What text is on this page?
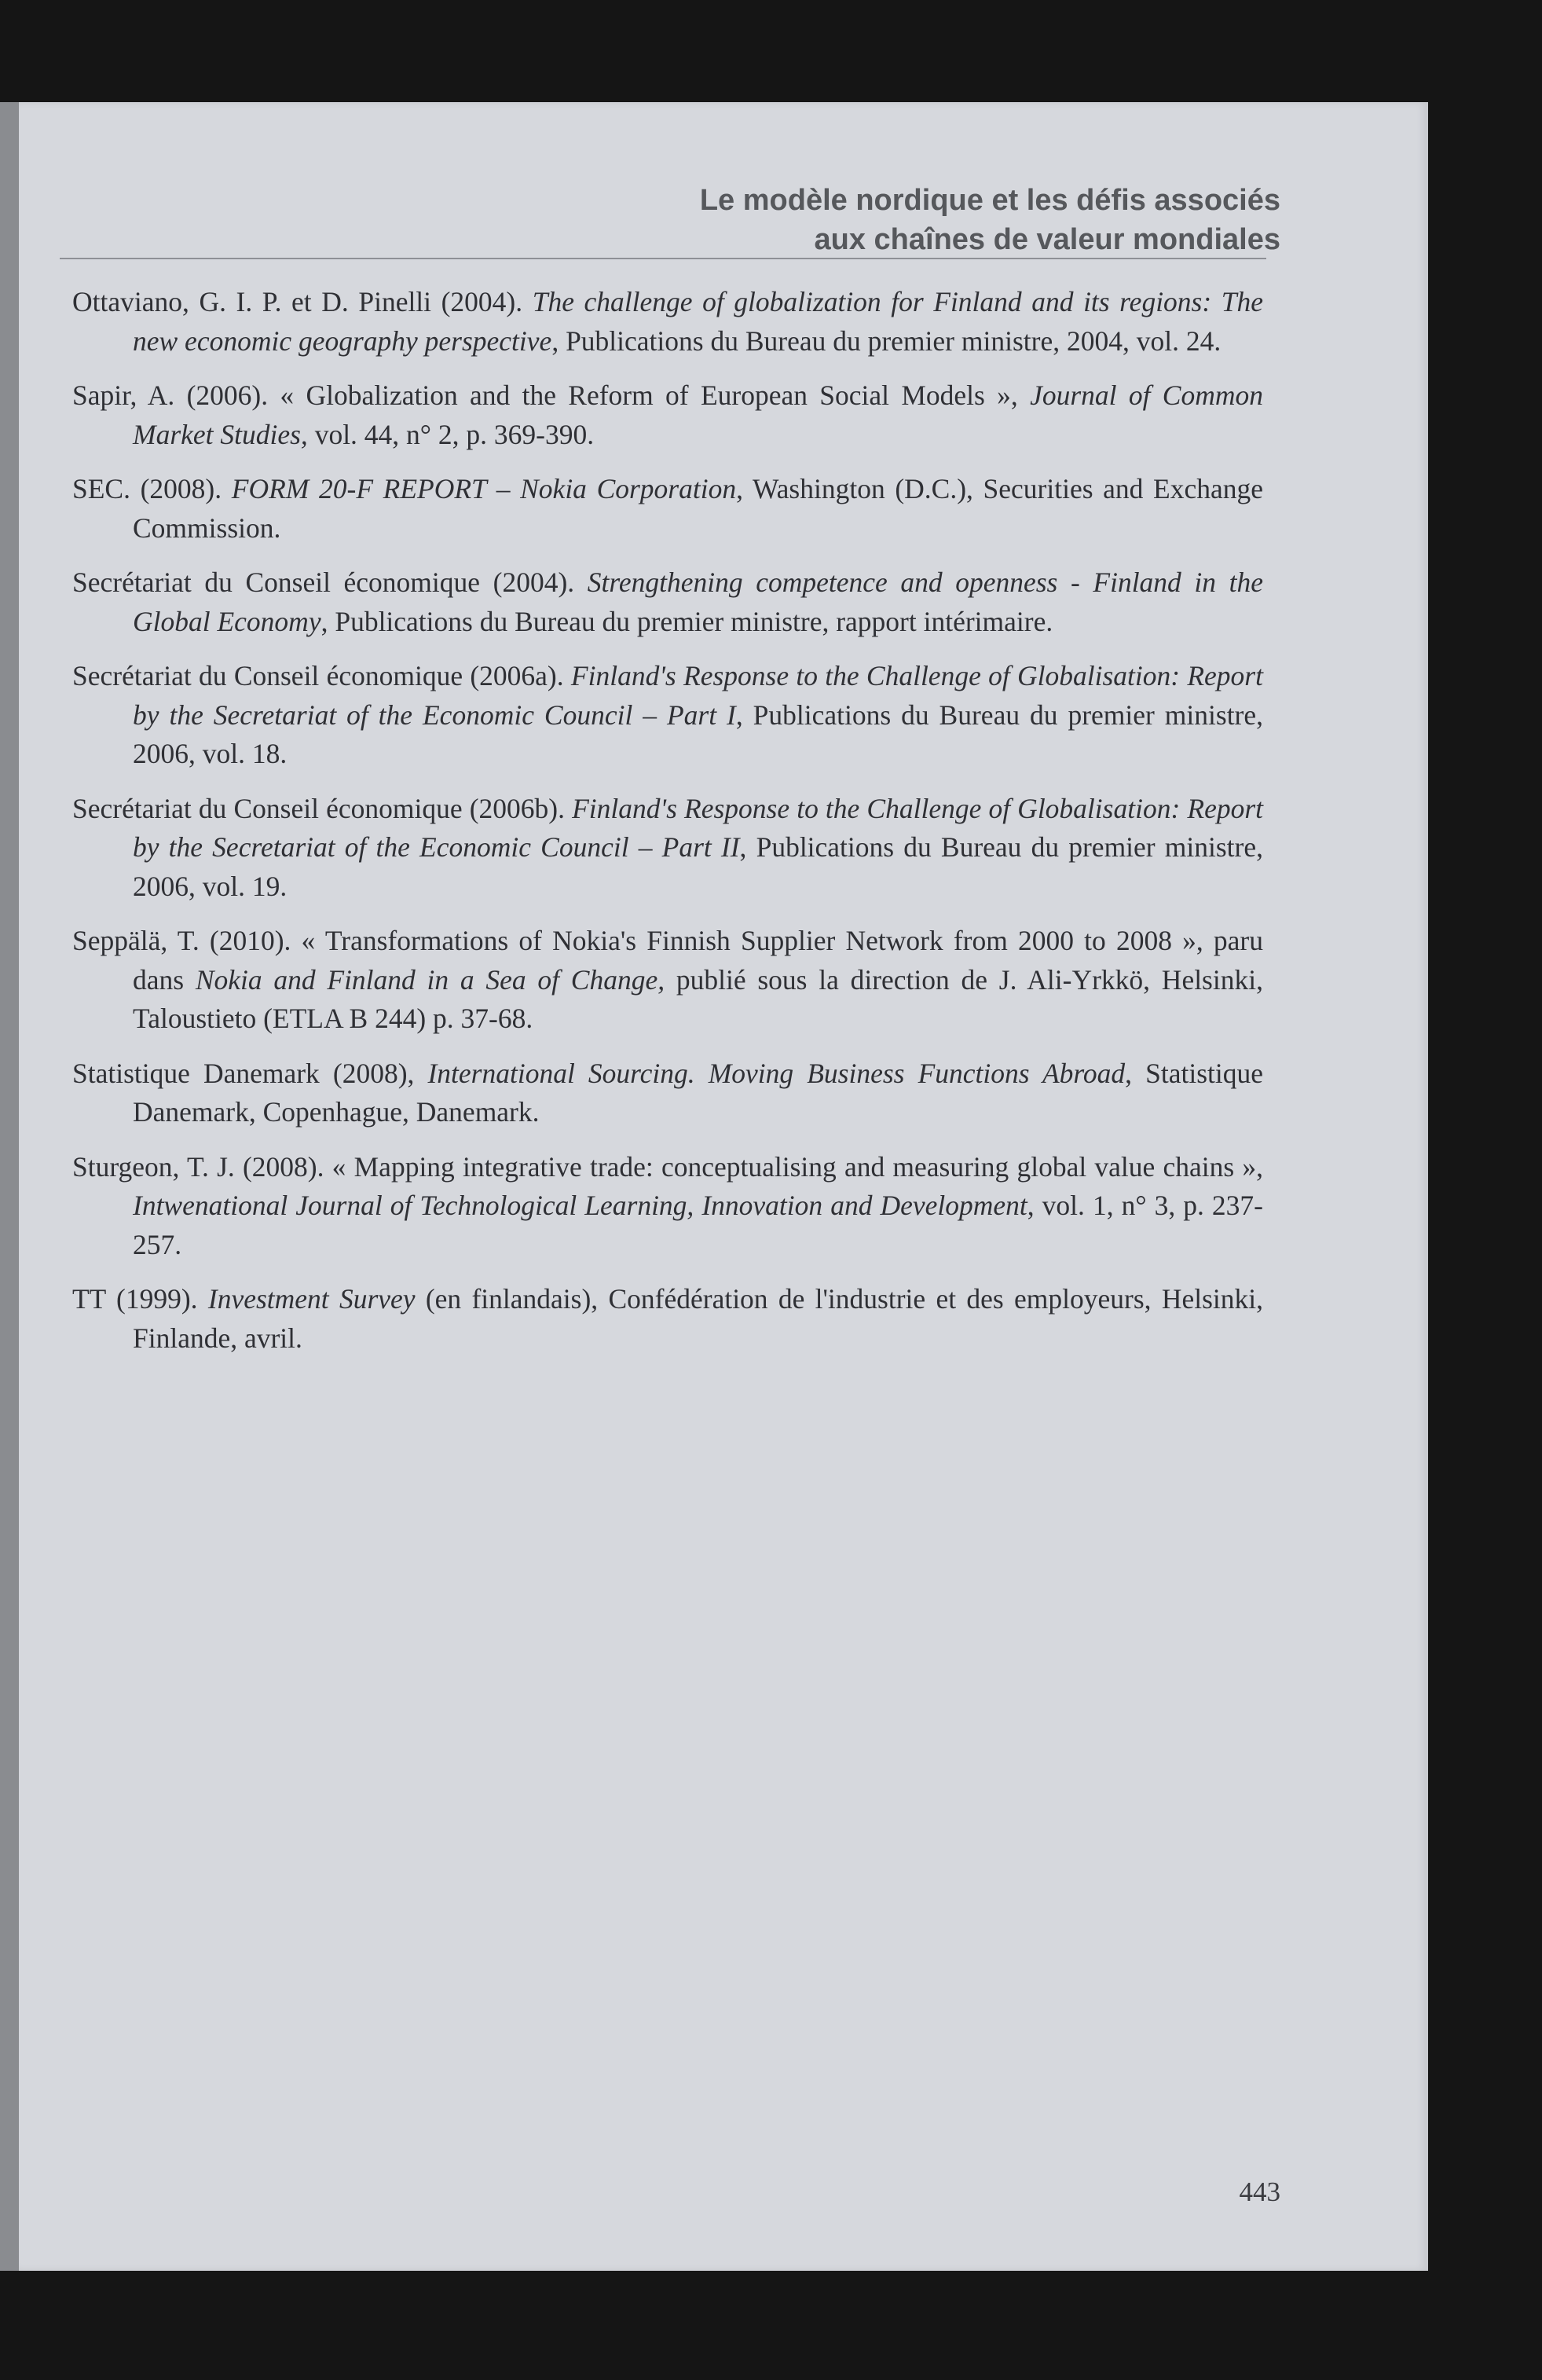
Le modèle nordique et les défis associés
aux chaînes de valeur mondiales

Ottaviano, G. I. P. et D. Pinelli (2004). The challenge of globalization for Finland and its regions: The new economic geography perspective, Publications du Bureau du premier ministre, 2004, vol. 24.

Sapir, A. (2006). « Globalization and the Reform of European Social Models », Journal of Common Market Studies, vol. 44, n° 2, p. 369-390.

SEC. (2008). FORM 20-F REPORT – Nokia Corporation, Washington (D.C.), Securities and Exchange Commission.

Secrétariat du Conseil économique (2004). Strengthening competence and openness - Finland in the Global Economy, Publications du Bureau du premier ministre, rapport intérimaire.

Secrétariat du Conseil économique (2006a). Finland's Response to the Challenge of Globalisation: Report by the Secretariat of the Economic Council – Part I, Publications du Bureau du premier ministre, 2006, vol. 18.

Secrétariat du Conseil économique (2006b). Finland's Response to the Challenge of Globalisation: Report by the Secretariat of the Economic Council – Part II, Publications du Bureau du premier ministre, 2006, vol. 19.

Seppälä, T. (2010). « Transformations of Nokia's Finnish Supplier Network from 2000 to 2008 », paru dans Nokia and Finland in a Sea of Change, publié sous la direction de J. Ali-Yrkkö, Helsinki, Taloustieto (ETLA B 244) p. 37-68.

Statistique Danemark (2008), International Sourcing. Moving Business Functions Abroad, Statistique Danemark, Copenhague, Danemark.

Sturgeon, T. J. (2008). « Mapping integrative trade: conceptualising and measuring global value chains », Intwenational Journal of Technological Learning, Innovation and Development, vol. 1, n° 3, p. 237-257.

TT (1999). Investment Survey (en finlandais), Confédération de l'industrie et des employeurs, Helsinki, Finlande, avril.

443
